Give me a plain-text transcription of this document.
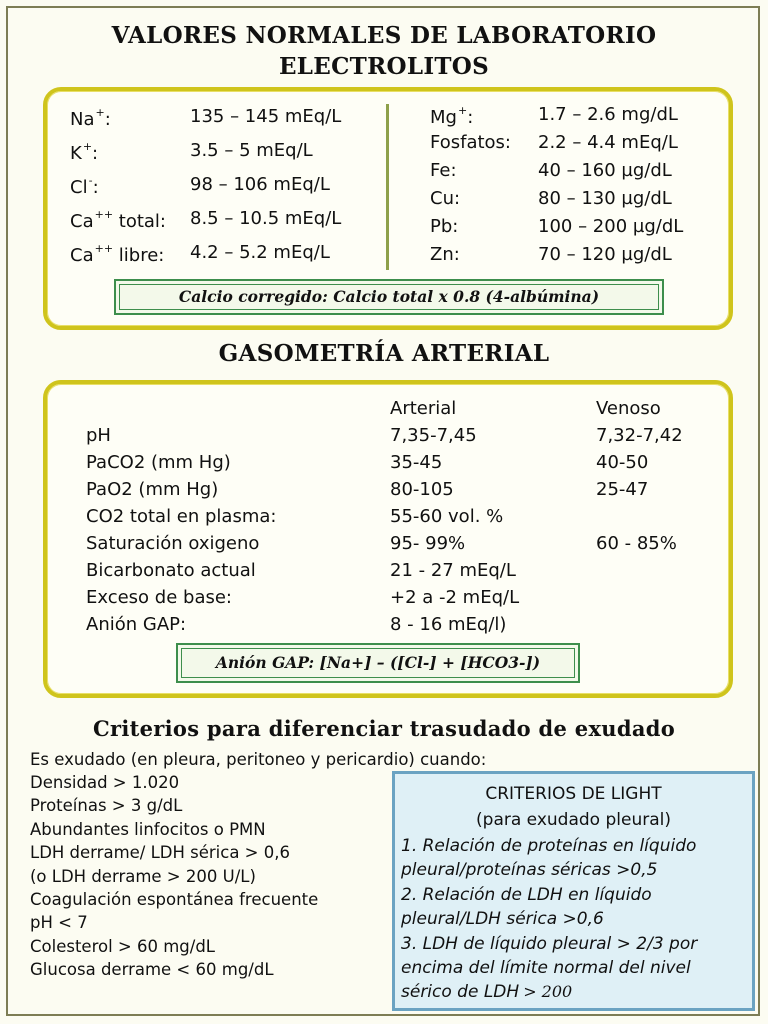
VALORES NORMALES DE LABORATORIO
ELECTROLITOS
Na+:	135 – 145 mEq/L
K+:	3.5 – 5 mEq/L
Cl-:	98 – 106 mEq/L
Ca++ total: 8.5 – 10.5 mEq/L
Ca++ libre: 4.2 – 5.2 mEq/L
Mg+:	1.7 – 2.6 mg/dL
Fosfatos: 2.2 – 4.4 mEq/L
Fe:	40 – 160 µg/dL
Cu:	80 – 130 µg/dL
Pb:	100 – 200 µg/dL
Zn:	70 – 120 µg/dL
Calcio corregido: Calcio total x 0.8 (4-albúmina)
GASOMETRÍA ARTERIAL
Arterial	Venoso
pH	7,35-7,45	7,32-7,42
PaCO2 (mm Hg)	35-45	40-50
PaO2 (mm Hg)	80-105	25-47
CO2 total en plasma:	55-60 vol. %
Saturación oxigeno	95- 99%	60 - 85%
Bicarbonato actual	21 - 27 mEq/L
Exceso de base:	+2 a -2 mEq/L
Anión GAP:	8 - 16 mEq/l)
Anión GAP: [Na+] – ([Cl-] + [HCO3-])
Criterios para diferenciar trasudado de exudado
Es exudado (en pleura, peritoneo y pericardio) cuando:
Densidad > 1.020
Proteínas > 3 g/dL
Abundantes linfocitos o PMN
LDH derrame/ LDH sérica > 0,6
(o LDH derrame > 200 U/L)
Coagulación espontánea frecuente
pH < 7
Colesterol > 60 mg/dL
Glucosa derrame < 60 mg/dL
CRITERIOS DE LIGHT
(para exudado pleural)
1. Relación de proteínas en líquido
pleural/proteínas séricas >0,5
2. Relación de LDH en líquido
pleural/LDH sérica >0,6
3. LDH de líquido pleural > 2/3 por
encima del límite normal del nivel
sérico de LDH > 200
